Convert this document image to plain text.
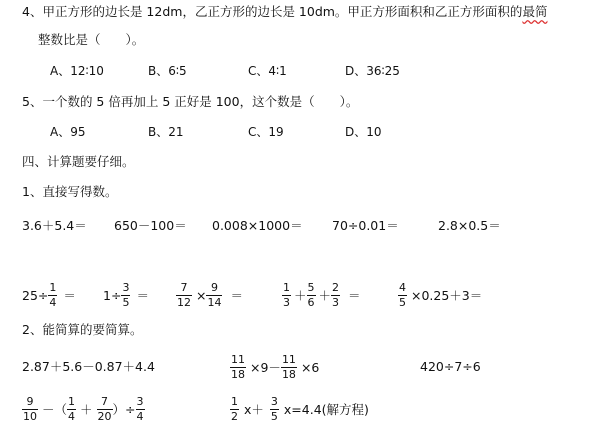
4、甲正方形的边长是 12dm，乙正方形的边长是 10dm。甲正方形面积和乙正方形面积的最简
整数比是（　　）。
A、12∶10	B、6∶5	C、4∶1	D、36∶25
5、一个数的 5 倍再加上 5 正好是 100，这个数是（　　）。
A、95	B、21	C、19	D、10
四、计算题要仔细。
1、直接写得数。
3.6＋5.4＝ 650－100＝ 0.008×1000＝ 70÷0.01＝	2.8×0.5＝
$25\div \frac{1}{4} = 1\div \frac{3}{5} = \frac{7}{12} \times \frac{9}{14}$ ＝	$\frac{1}{3} + \frac{5}{6} + \frac{2}{3}$ ＝	$\frac{4}{5} \times 0.25+3=$
2、能简算的要简算。
2.87＋5.6－0.87＋4.4	$\frac{11}{18} \times 9- \frac{11}{18} \times 6$	420÷7÷6
$\frac{9}{10}$ －（ $\frac{1}{4} + \frac{7}{20}$ ）÷ $\frac{3}{4}$	$\frac{1}{2} x+ \frac{3}{5} x=4.4$(解方程)
